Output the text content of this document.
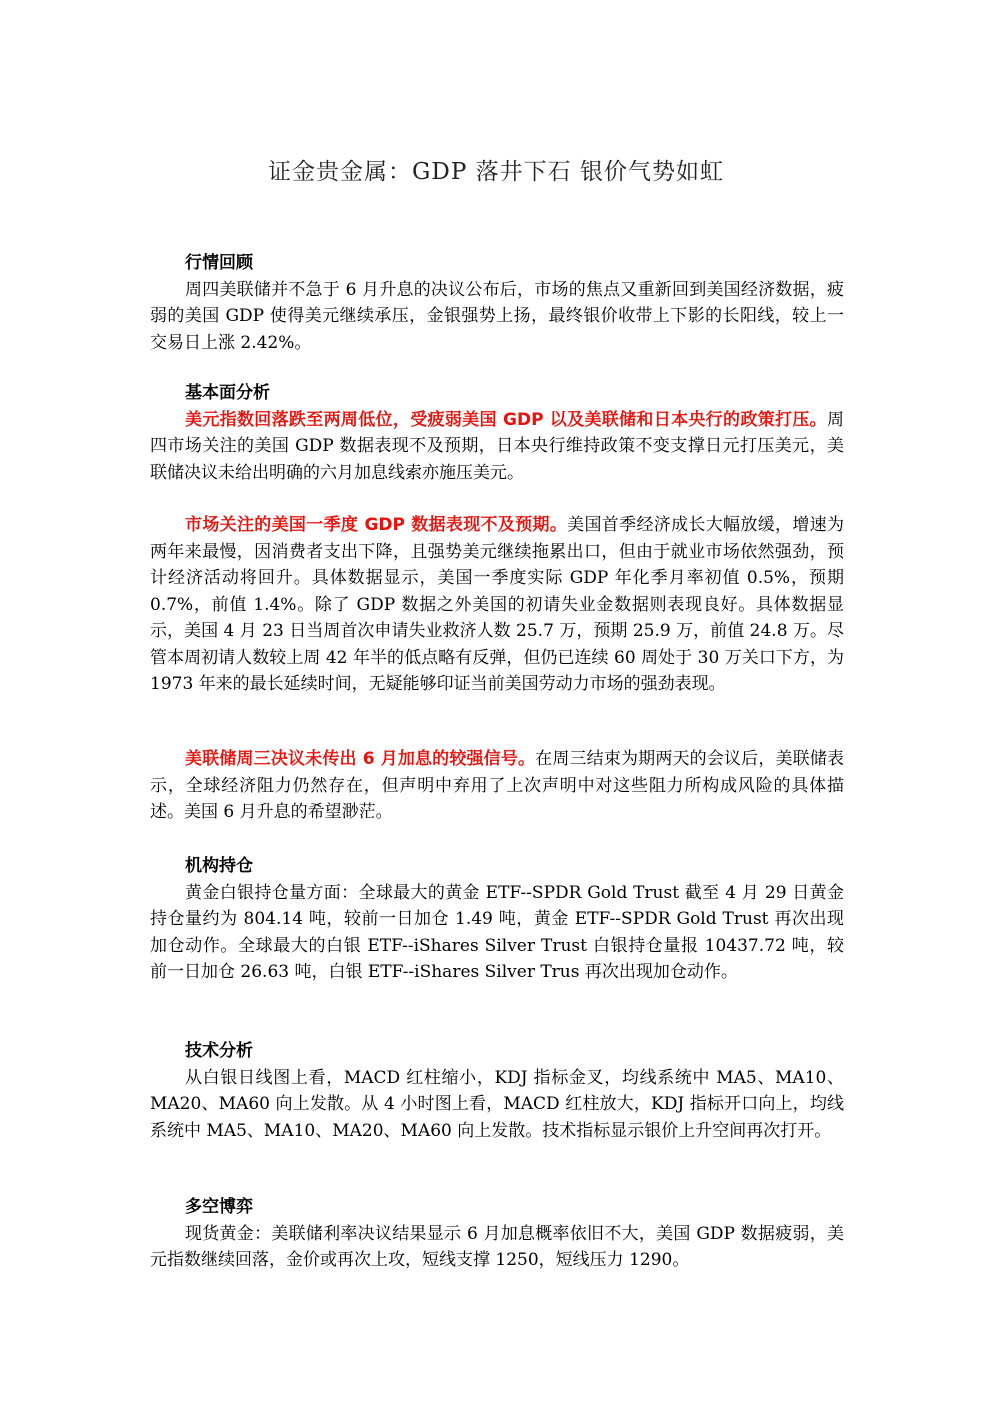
证金贵金属：GDP 落井下石 银价气势如虹

行情回顾

周四美联储并不急于 6 月升息的决议公布后，市场的焦点又重新回到美国经济数据，疲弱的美国 GDP 使得美元继续承压，金银强势上扬，最终银价收带上下影的长阳线，较上一交易日上涨 2.42%。

基本面分析

美元指数回落跌至两周低位，受疲弱美国 GDP 以及美联储和日本央行的政策打压。周四市场关注的美国 GDP 数据表现不及预期，日本央行维持政策不变支撑日元打压美元，美联储决议未给出明确的六月加息线索亦施压美元。

市场关注的美国一季度 GDP 数据表现不及预期。美国首季经济成长大幅放缓，增速为两年来最慢，因消费者支出下降，且强势美元继续拖累出口，但由于就业市场依然强劲，预计经济活动将回升。具体数据显示，美国一季度实际 GDP 年化季月率初值 0.5%，预期 0.7%，前值 1.4%。除了 GDP 数据之外美国的初请失业金数据则表现良好。具体数据显示，美国 4 月 23 日当周首次申请失业救济人数 25.7 万，预期 25.9 万，前值 24.8 万。尽管本周初请人数较上周 42 年半的低点略有反弹，但仍已连续 60 周处于 30 万关口下方，为 1973 年来的最长延续时间，无疑能够印证当前美国劳动力市场的强劲表现。

美联储周三决议未传出 6 月加息的较强信号。在周三结束为期两天的会议后，美联储表示，全球经济阻力仍然存在，但声明中弃用了上次声明中对这些阻力所构成风险的具体描述。美国 6 月升息的希望渺茫。

机构持仓

黄金白银持仓量方面：全球最大的黄金 ETF--SPDR Gold Trust 截至 4 月 29 日黄金持仓量约为 804.14 吨，较前一日加仓 1.49 吨，黄金 ETF--SPDR Gold Trust 再次出现加仓动作。全球最大的白银 ETF--iShares Silver Trust 白银持仓量报 10437.72 吨，较前一日加仓 26.63 吨，白银 ETF--iShares Silver Trus 再次出现加仓动作。

技术分析

从白银日线图上看，MACD 红柱缩小，KDJ 指标金叉，均线系统中 MA5、MA10、MA20、MA60 向上发散。从 4 小时图上看，MACD 红柱放大，KDJ 指标开口向上，均线系统中 MA5、MA10、MA20、MA60 向上发散。技术指标显示银价上升空间再次打开。

多空博弈

现货黄金：美联储利率决议结果显示 6 月加息概率依旧不大，美国 GDP 数据疲弱，美元指数继续回落，金价或再次上攻，短线支撑 1250，短线压力 1290。
